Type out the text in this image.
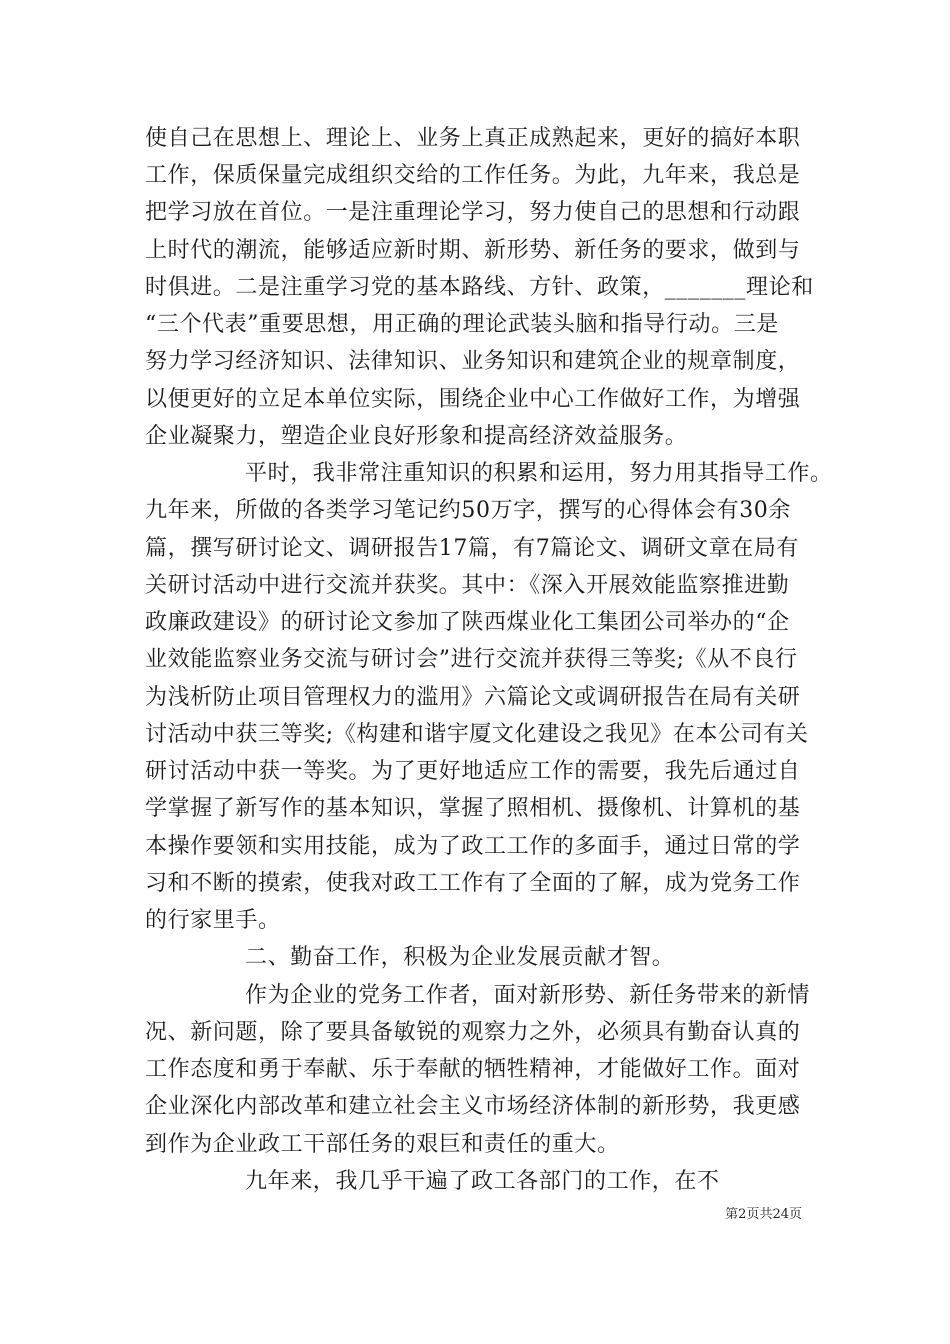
使自己在思想上、理论上、业务上真正成熟起来，更好的搞好本职
工作，保质保量完成组织交给的工作任务。为此，九年来，我总是
把学习放在首位。一是注重理论学习，努力使自己的思想和行动跟
上时代的潮流，能够适应新时期、新形势、新任务的要求，做到与
时俱进。二是注重学习党的基本路线、方针、政策，_______理论和
“三个代表”重要思想，用正确的理论武装头脑和指导行动。三是
努力学习经济知识、法律知识、业务知识和建筑企业的规章制度，
以便更好的立足本单位实际，围绕企业中心工作做好工作，为增强
企业凝聚力，塑造企业良好形象和提高经济效益服务。
平时，我非常注重知识的积累和运用，努力用其指导工作。
九年来，所做的各类学习笔记约50万字，撰写的心得体会有30余
篇，撰写研讨论文、调研报告17篇，有7篇论文、调研文章在局有
关研讨活动中进行交流并获奖。其中：《深入开展效能监察推进勤
政廉政建设》的研讨论文参加了陕西煤业化工集团公司举办的“企
业效能监察业务交流与研讨会”进行交流并获得三等奖;《从不良行
为浅析防止项目管理权力的滥用》六篇论文或调研报告在局有关研
讨活动中获三等奖;《构建和谐宇厦文化建设之我见》在本公司有关
研讨活动中获一等奖。为了更好地适应工作的需要，我先后通过自
学掌握了新写作的基本知识，掌握了照相机、摄像机、计算机的基
本操作要领和实用技能，成为了政工工作的多面手，通过日常的学
习和不断的摸索，使我对政工工作有了全面的了解，成为党务工作
的行家里手。
二、勤奋工作，积极为企业发展贡献才智。
作为企业的党务工作者，面对新形势、新任务带来的新情
况、新问题，除了要具备敏锐的观察力之外，必须具有勤奋认真的
工作态度和勇于奉献、乐于奉献的牺牲精神，才能做好工作。面对
企业深化内部改革和建立社会主义市场经济体制的新形势，我更感
到作为企业政工干部任务的艰巨和责任的重大。
九年来，我几乎干遍了政工各部门的工作，在不
第2页共24页
